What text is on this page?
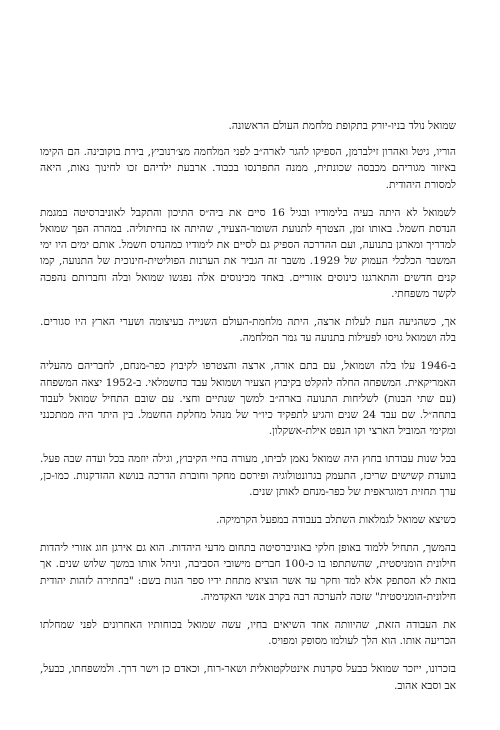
שמואל נולד בניו-יורק בתקופת מלחמת העולם הראשונה.

הוריו, גיטל ואהרון זילברמן, הספיקו להגר לארה״ב לפני המלחמה מצ׳רנוביץ, בירת בוקובינה. הם הקימו באיזור מגוריהם מכבסה שכונתית, ממנה התפרנסו בכבוד. ארבעת ילדיהם זכו לחינוך נאות, היאה למסורת היהודית.

לשמואל לא היתה בעיה בלימודיו ובגיל 16 סיים את ביה״ס התיכון והתקבל לאוניברסיטה במגמת הנדסת חשמל. באותו זמן, הצטרף לתנועת השומר-הצעיר, שהיתה אז בחיתוליה. במהרה הפך שמואל למדריך ומארגן בתנועה, ועם ההדרכה הספיק גם לסיים את לימודיו כמהנדס חשמל. אותם ימים היו ימי המשבר הכלכלי העמוק של 1929. משבר זה הגביר את הערנות הפוליטית-חינוכית של התנועה, קמו קנים חדשים והתארגנו כינוסים אזוריים. באחד מכינוסים אלה נפגשו שמואל ובלה וחברותם נהפכה לקשר משפחתי.

אך, כשהגיעה העת לעלות ארצה, היתה מלחמת-העולם השנייה בעיצומה ושערי הארץ היו סגורים. בלה ושמואל גויסו לפעילות בתנועה עד גמר המלחמה.

ב-1946 עלו בלה ושמואל, עם בתם אורה, ארצה והצטרפו לקיבוץ כפר-מנחם, לחבריהם מהעליה האמריקאית. המשפחה החלה להקלט בקיבוץ הצעיר ושמואל עבד כחשמלאי. ב-1952 יצאה המשפחה (עם שתי הבנות) לשליחות התנועה בארה״ב למשך שנתיים וחצי. עם שובם התחיל שמואל לעבוד בתחה״ל. שם עבד 24 שנים והגיע לתפקיד כיו״ר של מנהל מחלקת החשמל. בין היתר היה ממתכנני ומקימי המוביל הארצי וקו הנפט אילת-אשקלון.

בכל שנות עבודתו בחוץ היה שמואל נאמן לביתו, מעורה בחיי הקיבוץ, וגילה יוזמה בכל ועדה שבה פעל. בוועדת קשישים שריכז, התעמק בגרונטולוגיה ופירסם מחקר וחוברת הדרכה בנושא ההזדקנות. כמו-כן, ערך תחזית דמוגראפית של כפר-מנחם לאותן שנים.

כשיצא שמואל לגמלאות השתלב בעבודה במפעל הקרמיקה.

בהמשך, התחיל ללמוד באופן חלקי באוניברסיטה בתחום מדעי היהדות. הוא גם אירגן חוג אזורי ליהדות חילונית הומניסטית, שהשתתפו בו כ-100 חברים מישובי הסביבה, וניהל אותו במשך שלוש שנים. אך בזאת לא הסתפק אלא למד וחקר עד אשר הוציא מתחת ידיו ספר הגות בשם: "בחתירה לזהות יהודית חילונית-הומניסטית" שזכה להערכה רבה בקרב אנשי האקדמיה.

את העבודה הזאת, שהיוותה אחד השיאים בחיו, עשה שמואל בכוחותיו האחרונים לפני שמחלתו הכריעה אותו. הוא הלך לעולמו מסופק ומפויס.

בזכרונו, ייזכר שמואל כבעל סקרנות אינטלקטואלית ושאר-רוח, וכאדם כן וישר דרך. ולמשפחתו, כבעל, אב וסבא אהוב.
